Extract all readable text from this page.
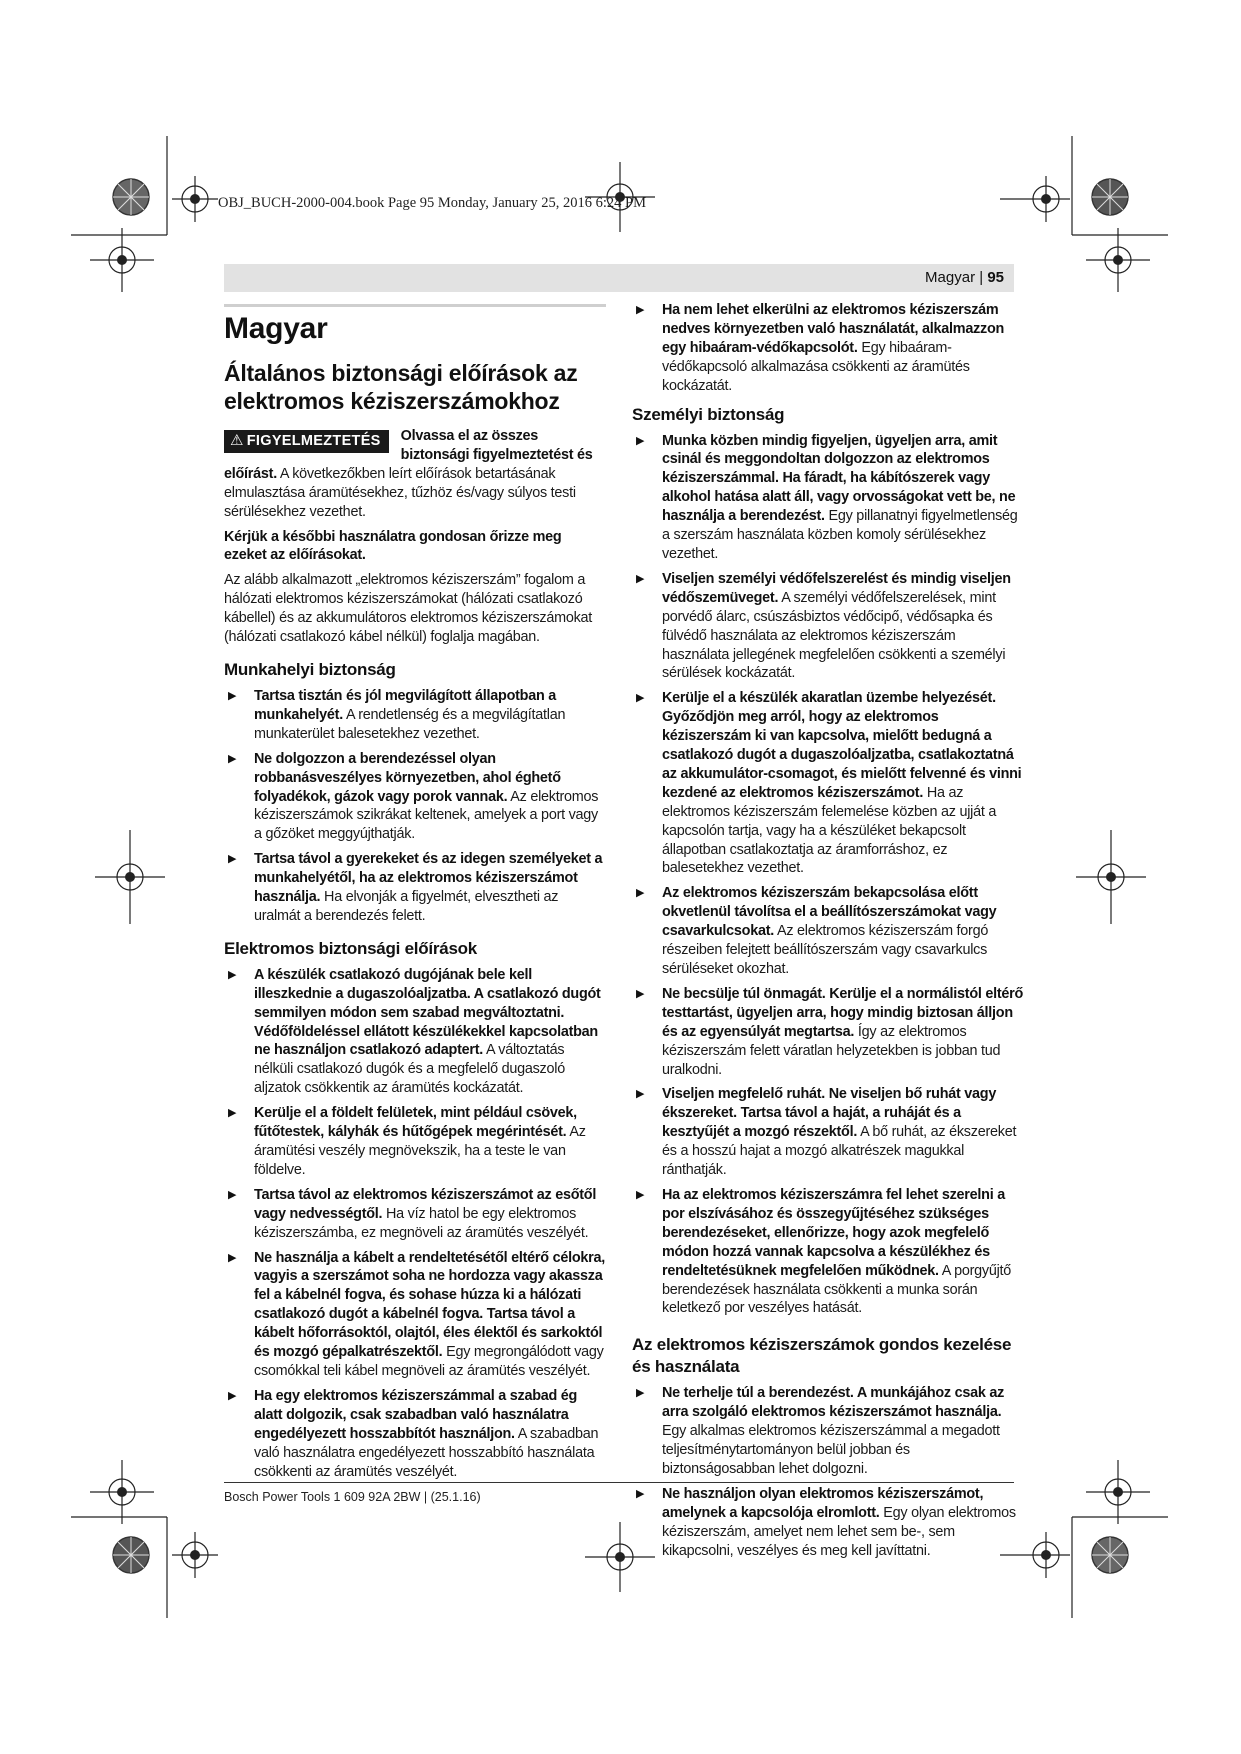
OBJ_BUCH-2000-004.book Page 95 Monday, January 25, 2016 6:24 PM
Magyar | 95
Magyar
Általános biztonsági előírások az elektromos kéziszerszámokhoz

⚠ FIGYELMEZTETÉS	Olvassa el az összes biztonsági figyelmeztetést és előírást. A következőkben leírt előírások betartásának elmulasztása áramütésekhez, tűzhöz és/vagy súlyos testi sérülésekhez vezethet.

Kérjük a későbbi használatra gondosan őrizze meg ezeket az előírásokat.

Az alább alkalmazott „elektromos kéziszerszám” fogalom a hálózati elektromos kéziszerszámokat (hálózati csatlakozó kábellel) és az akkumulátoros elektromos kéziszerszámokat (hálózati csatlakozó kábel nélkül) foglalja magában.

Munkahelyi biztonság
▶ Tartsa tisztán és jól megvilágított állapotban a munkahelyét. A rendetlenség és a megvilágítatlan munkaterület balesetekhez vezethet.
▶ Ne dolgozzon a berendezéssel olyan robbanásveszélyes környezetben, ahol éghető folyadékok, gázok vagy porok vannak. Az elektromos kéziszerszámok szikrákat keltenek, amelyek a port vagy a gőzöket meggyújthatják.
▶ Tartsa távol a gyerekeket és az idegen személyeket a munkahelyétől, ha az elektromos kéziszerszámot használja. Ha elvonják a figyelmét, elvesztheti az uralmát a berendezés felett.
Elektromos biztonsági előírások
▶ A készülék csatlakozó dugójának bele kell illeszkednie a dugaszolóaljzatba. A csatlakozó dugót semmilyen módon sem szabad megváltoztatni. Védőföldeléssel ellátott készülékekkel kapcsolatban ne használjon csatlakozó adaptert. A változtatás nélküli csatlakozó dugók és a megfelelő dugaszoló aljzatok csökkentik az áramütés kockázatát.
▶ Kerülje el a földelt felületek, mint például csövek, fűtőtestek, kályhák és hűtőgépek megérintését. Az áramütési veszély megnövekszik, ha a teste le van földelve.
▶ Tartsa távol az elektromos kéziszerszámot az esőtől vagy nedvességtől. Ha víz hatol be egy elektromos kéziszerszámba, ez megnöveli az áramütés veszélyét.
▶ Ne használja a kábelt a rendeltetésétől eltérő célokra, vagyis a szerszámot soha ne hordozza vagy akassza fel a kábelnél fogva, és sohase húzza ki a hálózati csatlakozó dugót a kábelnél fogva. Tartsa távol a kábelt hőforrásoktól, olajtól, éles élektől és sarkoktól és mozgó gépalkatrészektől. Egy megrongálódott vagy csomókkal teli kábel megnöveli az áramütés veszélyét.
▶ Ha egy elektromos kéziszerszámmal a szabad ég alatt dolgozik, csak szabadban való használatra engedélyezett hosszabbítót használjon. A szabadban való használatra engedélyezett hosszabbító használata csökkenti az áramütés veszélyét.
▶ Ha nem lehet elkerülni az elektromos kéziszerszám nedves környezetben való használatát, alkalmazzon egy hibaáram-védőkapcsolót. Egy hibaáram-védőkapcsoló alkalmazása csökkenti az áramütés kockázatát.
Személyi biztonság
▶ Munka közben mindig figyeljen, ügyeljen arra, amit csinál és meggondoltan dolgozzon az elektromos kéziszerszámmal. Ha fáradt, ha kábítószerek vagy alkohol hatása alatt áll, vagy orvosságokat vett be, ne használja a berendezést. Egy pillanatnyi figyelmetlenség a szerszám használata közben komoly sérülésekhez vezethet.
▶ Viseljen személyi védőfelszerelést és mindig viseljen védőszemüveget. A személyi védőfelszerelések, mint porvédő álarc, csúszásbiztos védőcipő, védősapka és fülvédő használata az elektromos kéziszerszám használata jellegének megfelelően csökkenti a személyi sérülések kockázatát.
▶ Kerülje el a készülék akaratlan üzembe helyezését. Győződjön meg arról, hogy az elektromos kéziszerszám ki van kapcsolva, mielőtt bedugná a csatlakozó dugót a dugaszolóaljzatba, csatlakoztatná az akkumulátor-csomagot, és mielőtt felvenné és vinni kezdené az elektromos kéziszerszámot. Ha az elektromos kéziszerszám felemelése közben az ujját a kapcsolón tartja, vagy ha a készüléket bekapcsolt állapotban csatlakoztatja az áramforráshoz, ez balesetekhez vezethet.
▶ Az elektromos kéziszerszám bekapcsolása előtt okvetlenül távolítsa el a beállítószerszámokat vagy csavarkulcsokat. Az elektromos kéziszerszám forgó részeiben felejtett beállítószerszám vagy csavarkulcs sérüléseket okozhat.
▶ Ne becsülje túl önmagát. Kerülje el a normálistól eltérő testtartást, ügyeljen arra, hogy mindig biztosan álljon és az egyensúlyát megtartsa. Így az elektromos kéziszerszám felett váratlan helyzetekben is jobban tud uralkodni.
▶ Viseljen megfelelő ruhát. Ne viseljen bő ruhát vagy ékszereket. Tartsa távol a haját, a ruháját és a kesztyűjét a mozgó részektől. A bő ruhát, az ékszereket és a hosszú hajat a mozgó alkatrészek magukkal ránthatják.
▶ Ha az elektromos kéziszerszámra fel lehet szerelni a por elszívásához és összegyűjtéséhez szükséges berendezéseket, ellenőrizze, hogy azok megfelelő módon hozzá vannak kapcsolva a készülékhez és rendeltetésüknek megfelelően működnek. A porgyűjtő berendezések használata csökkenti a munka során keletkező por veszélyes hatását.
Az elektromos kéziszerszámok gondos kezelése és használata
▶ Ne terhelje túl a berendezést. A munkájához csak az arra szolgáló elektromos kéziszerszámot használja. Egy alkalmas elektromos kéziszerszámmal a megadott teljesítménytartományon belül jobban és biztonságosabban lehet dolgozni.
▶ Ne használjon olyan elektromos kéziszerszámot, amelynek a kapcsolója elromlott. Egy olyan elektromos kéziszerszám, amelyet nem lehet sem be-, sem kikapcsolni, veszélyes és meg kell javíttatni.
Bosch Power Tools 1 609 92A 2BW | (25.1.16)
